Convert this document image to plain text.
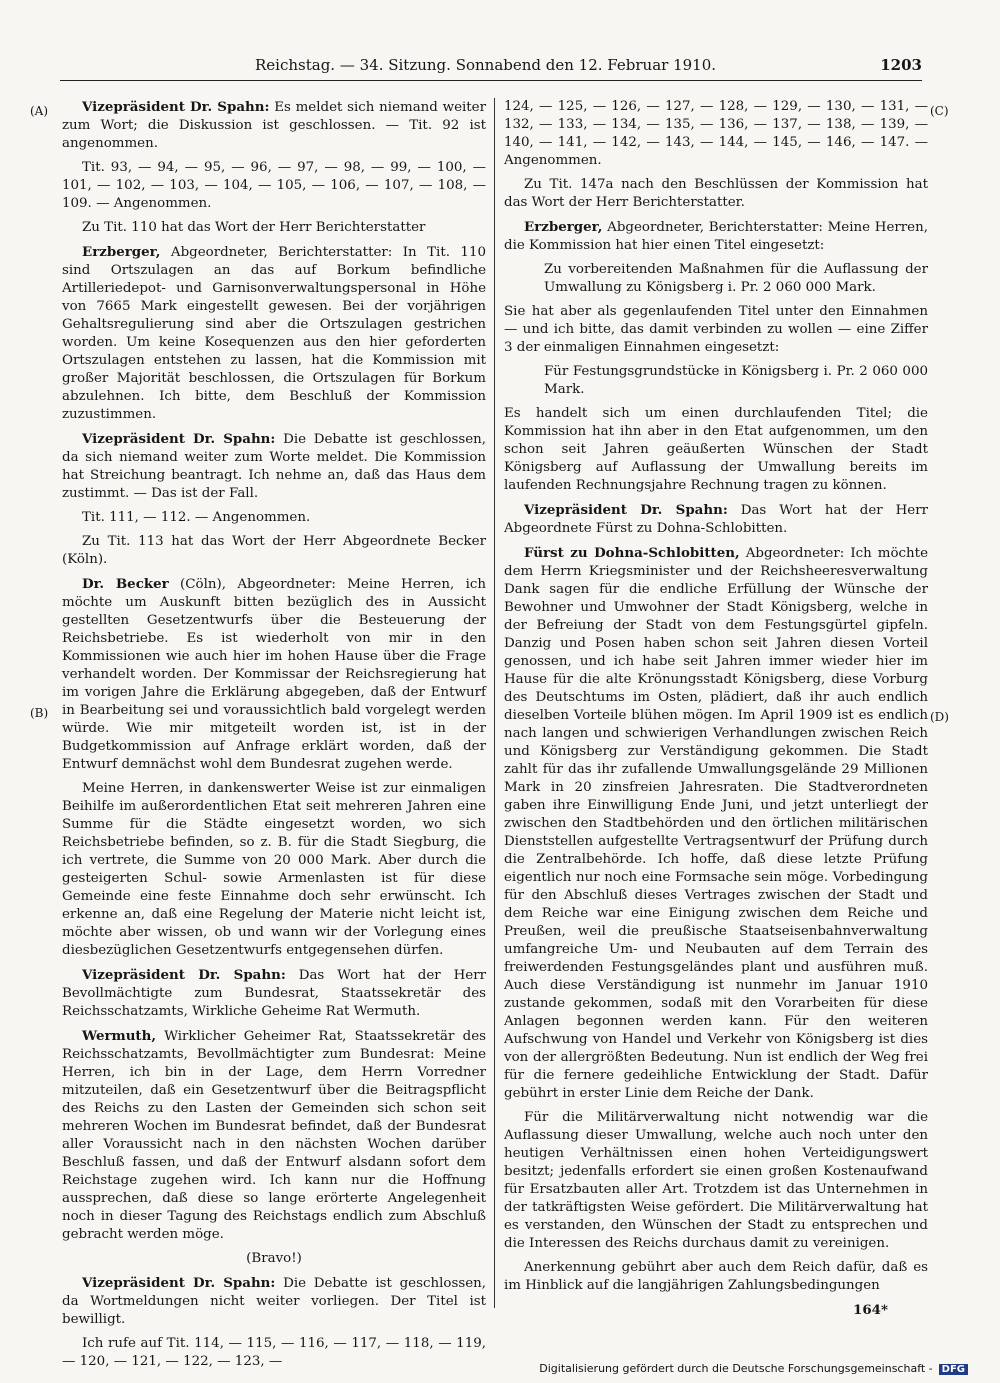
Reichstag. — 34. Sitzung. Sonnabend den 12. Februar 1910.	1203
(A)
(B)
(C)
(D)

Vizepräsident Dr. Spahn: Es meldet sich niemand weiter zum Wort; die Diskussion ist geschlossen. — Tit. 92 ist angenommen.

Tit. 93, — 94, — 95, — 96, — 97, — 98, — 99, — 100, — 101, — 102, — 103, — 104, — 105, — 106, — 107, — 108, — 109. — Angenommen.

Zu Tit. 110 hat das Wort der Herr Berichterstatter

Erzberger, Abgeordneter, Berichterstatter: In Tit. 110 sind Ortszulagen an das auf Borkum befindliche Artilleriedepot- und Garnisonverwaltungspersonal in Höhe von 7665 Mark eingestellt gewesen. Bei der vorjährigen Gehaltsregulierung sind aber die Ortszulagen gestrichen worden. Um keine Kosequenzen aus den hier geforderten Ortszulagen entstehen zu lassen, hat die Kommission mit großer Majorität beschlossen, die Ortszulagen für Borkum abzulehnen. Ich bitte, dem Beschluß der Kommission zuzustimmen.

Vizepräsident Dr. Spahn: Die Debatte ist geschlossen, da sich niemand weiter zum Worte meldet. Die Kommission hat Streichung beantragt. Ich nehme an, daß das Haus dem zustimmt. — Das ist der Fall.

Tit. 111, — 112. — Angenommen.

Zu Tit. 113 hat das Wort der Herr Abgeordnete Becker (Köln).

Dr. Becker (Cöln), Abgeordneter: Meine Herren, ich möchte um Auskunft bitten bezüglich des in Aussicht gestellten Gesetzentwurfs über die Besteuerung der Reichsbetriebe. Es ist wiederholt von mir in den Kommissionen wie auch hier im hohen Hause über die Frage verhandelt worden. Der Kommissar der Reichsregierung hat im vorigen Jahre die Erklärung abgegeben, daß der Entwurf in Bearbeitung sei und voraussichtlich bald vorgelegt werden würde. Wie mir mitgeteilt worden ist, ist in der Budgetkommission auf Anfrage erklärt worden, daß der Entwurf demnächst wohl dem Bundesrat zugehen werde.

Meine Herren, in dankenswerter Weise ist zur einmaligen Beihilfe im außerordentlichen Etat seit mehreren Jahren eine Summe für die Städte eingesetzt worden, wo sich Reichsbetriebe befinden, so z. B. für die Stadt Siegburg, die ich vertrete, die Summe von 20 000 Mark. Aber durch die gesteigerten Schul- sowie Armenlasten ist für diese Gemeinde eine feste Einnahme doch sehr erwünscht. Ich erkenne an, daß eine Regelung der Materie nicht leicht ist, möchte aber wissen, ob und wann wir der Vorlegung eines diesbezüglichen Gesetzentwurfs entgegensehen dürfen.

Vizepräsident Dr. Spahn: Das Wort hat der Herr Bevollmächtigte zum Bundesrat, Staatssekretär des Reichsschatzamts, Wirkliche Geheime Rat Wermuth.

Wermuth, Wirklicher Geheimer Rat, Staatssekretär des Reichsschatzamts, Bevollmächtigter zum Bundesrat: Meine Herren, ich bin in der Lage, dem Herrn Vorredner mitzuteilen, daß ein Gesetzentwurf über die Beitragspflicht des Reichs zu den Lasten der Gemeinden sich schon seit mehreren Wochen im Bundesrat befindet, daß der Bundesrat aller Voraussicht nach in den nächsten Wochen darüber Beschluß fassen, und daß der Entwurf alsdann sofort dem Reichstage zugehen wird. Ich kann nur die Hoffnung aussprechen, daß diese so lange erörterte Angelegenheit noch in dieser Tagung des Reichstags endlich zum Abschluß gebracht werden möge.

(Bravo!)

Vizepräsident Dr. Spahn: Die Debatte ist geschlossen, da Wortmeldungen nicht weiter vorliegen. Der Titel ist bewilligt.

Ich rufe auf Tit. 114, — 115, — 116, — 117, — 118, — 119, — 120, — 121, — 122, — 123, —

124, — 125, — 126, — 127, — 128, — 129, — 130, — 131, — 132, — 133, — 134, — 135, — 136, — 137, — 138, — 139, — 140, — 141, — 142, — 143, — 144, — 145, — 146, — 147. — Angenommen.

Zu Tit. 147a nach den Beschlüssen der Kommission hat das Wort der Herr Berichterstatter.

Erzberger, Abgeordneter, Berichterstatter: Meine Herren, die Kommission hat hier einen Titel eingesetzt:

Zu vorbereitenden Maßnahmen für die Auflassung der Umwallung zu Königsberg i. Pr. 2 060 000 Mark.

Sie hat aber als gegenlaufenden Titel unter den Einnahmen — und ich bitte, das damit verbinden zu wollen — eine Ziffer 3 der einmaligen Einnahmen eingesetzt:

Für Festungsgrundstücke in Königsberg i. Pr. 2 060 000 Mark.

Es handelt sich um einen durchlaufenden Titel; die Kommission hat ihn aber in den Etat aufgenommen, um den schon seit Jahren geäußerten Wünschen der Stadt Königsberg auf Auflassung der Umwallung bereits im laufenden Rechnungsjahre Rechnung tragen zu können.

Vizepräsident Dr. Spahn: Das Wort hat der Herr Abgeordnete Fürst zu Dohna-Schlobitten.

Fürst zu Dohna-Schlobitten, Abgeordneter: Ich möchte dem Herrn Kriegsminister und der Reichsheeresverwaltung Dank sagen für die endliche Erfüllung der Wünsche der Bewohner und Umwohner der Stadt Königsberg, welche in der Befreiung der Stadt von dem Festungsgürtel gipfeln. Danzig und Posen haben schon seit Jahren diesen Vorteil genossen, und ich habe seit Jahren immer wieder hier im Hause für die alte Krönungsstadt Königsberg, diese Vorburg des Deutschtums im Osten, plädiert, daß ihr auch endlich dieselben Vorteile blühen mögen. Im April 1909 ist es endlich nach langen und schwierigen Verhandlungen zwischen Reich und Königsberg zur Verständigung gekommen. Die Stadt zahlt für das ihr zufallende Umwallungsgelände 29 Millionen Mark in 20 zinsfreien Jahresraten. Die Stadtverordneten gaben ihre Einwilligung Ende Juni, und jetzt unterliegt der zwischen den Stadtbehörden und den örtlichen militärischen Dienststellen aufgestellte Vertragsentwurf der Prüfung durch die Zentralbehörde. Ich hoffe, daß diese letzte Prüfung eigentlich nur noch eine Formsache sein möge. Vorbedingung für den Abschluß dieses Vertrages zwischen der Stadt und dem Reiche war eine Einigung zwischen dem Reiche und Preußen, weil die preußische Staatseisenbahnverwaltung umfangreiche Um- und Neubauten auf dem Terrain des freiwerdenden Festungsgeländes plant und ausführen muß. Auch diese Verständigung ist nunmehr im Januar 1910 zustande gekommen, sodaß mit den Vorarbeiten für diese Anlagen begonnen werden kann. Für den weiteren Aufschwung von Handel und Verkehr von Königsberg ist dies von der allergrößten Bedeutung. Nun ist endlich der Weg frei für die fernere gedeihliche Entwicklung der Stadt. Dafür gebührt in erster Linie dem Reiche der Dank.

Für die Militärverwaltung nicht notwendig war die Auflassung dieser Umwallung, welche auch noch unter den heutigen Verhältnissen einen hohen Verteidigungswert besitzt; jedenfalls erfordert sie einen großen Kostenaufwand für Ersatzbauten aller Art. Trotzdem ist das Unternehmen in der tatkräftigsten Weise gefördert. Die Militärverwaltung hat es verstanden, den Wünschen der Stadt zu entsprechen und die Interessen des Reichs durchaus damit zu vereinigen.

Anerkennung gebührt aber auch dem Reich dafür, daß es im Hinblick auf die langjährigen Zahlungsbedingungen

164*

Digitalisierung gefördert durch die Deutsche Forschungsgemeinschaft - DFG
